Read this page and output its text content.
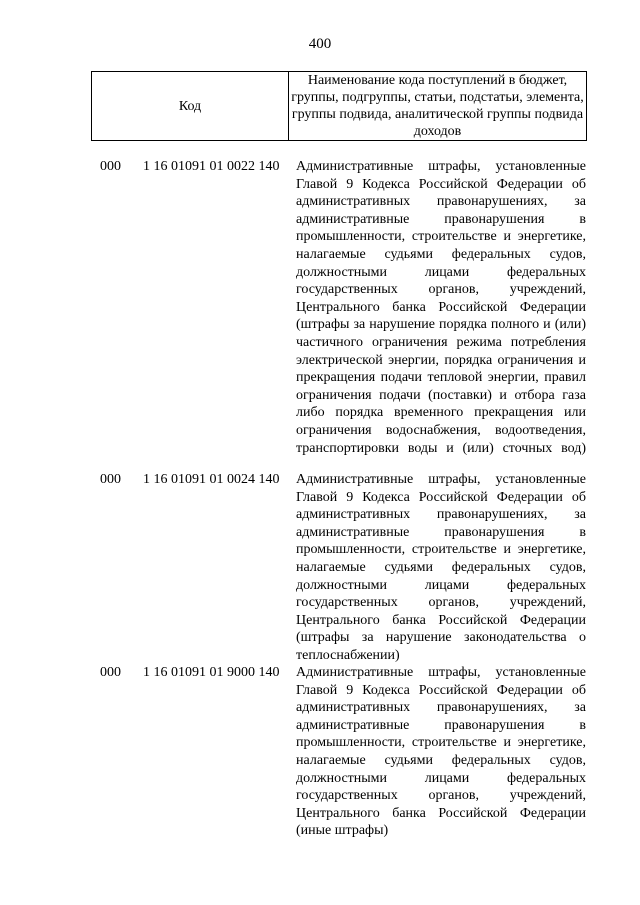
400
Код	Наименование кода поступлений в бюджет, группы, подгруппы, статьи, подстатьи, элемента, группы подвида, аналитической группы подвида доходов
000 1 16 01091 01 0022 140 Административные штрафы, установленные Главой 9 Кодекса Российской Федерации об административных правонарушениях, за административные правонарушения в промышленности, строительстве и энергетике, налагаемые судьями федеральных судов, должностными лицами федеральных государственных органов, учреждений, Центрального банка Российской Федерации (штрафы за нарушение порядка полного и (или) частичного ограничения режима потребления электрической энергии, порядка ограничения и прекращения подачи тепловой энергии, правил ограничения подачи (поставки) и отбора газа либо порядка временного прекращения или ограничения водоснабжения, водоотведения, транспортировки воды и (или) сточных вод)
000 1 16 01091 01 0024 140 Административные штрафы, установленные Главой 9 Кодекса Российской Федерации об административных правонарушениях, за административные правонарушения в промышленности, строительстве и энергетике, налагаемые судьями федеральных судов, должностными лицами федеральных государственных органов, учреждений, Центрального банка Российской Федерации (штрафы за нарушение законодательства о теплоснабжении)
000 1 16 01091 01 9000 140 Административные штрафы, установленные Главой 9 Кодекса Российской Федерации об административных правонарушениях, за административные правонарушения в промышленности, строительстве и энергетике, налагаемые судьями федеральных судов, должностными лицами федеральных государственных органов, учреждений, Центрального банка Российской Федерации (иные штрафы)
